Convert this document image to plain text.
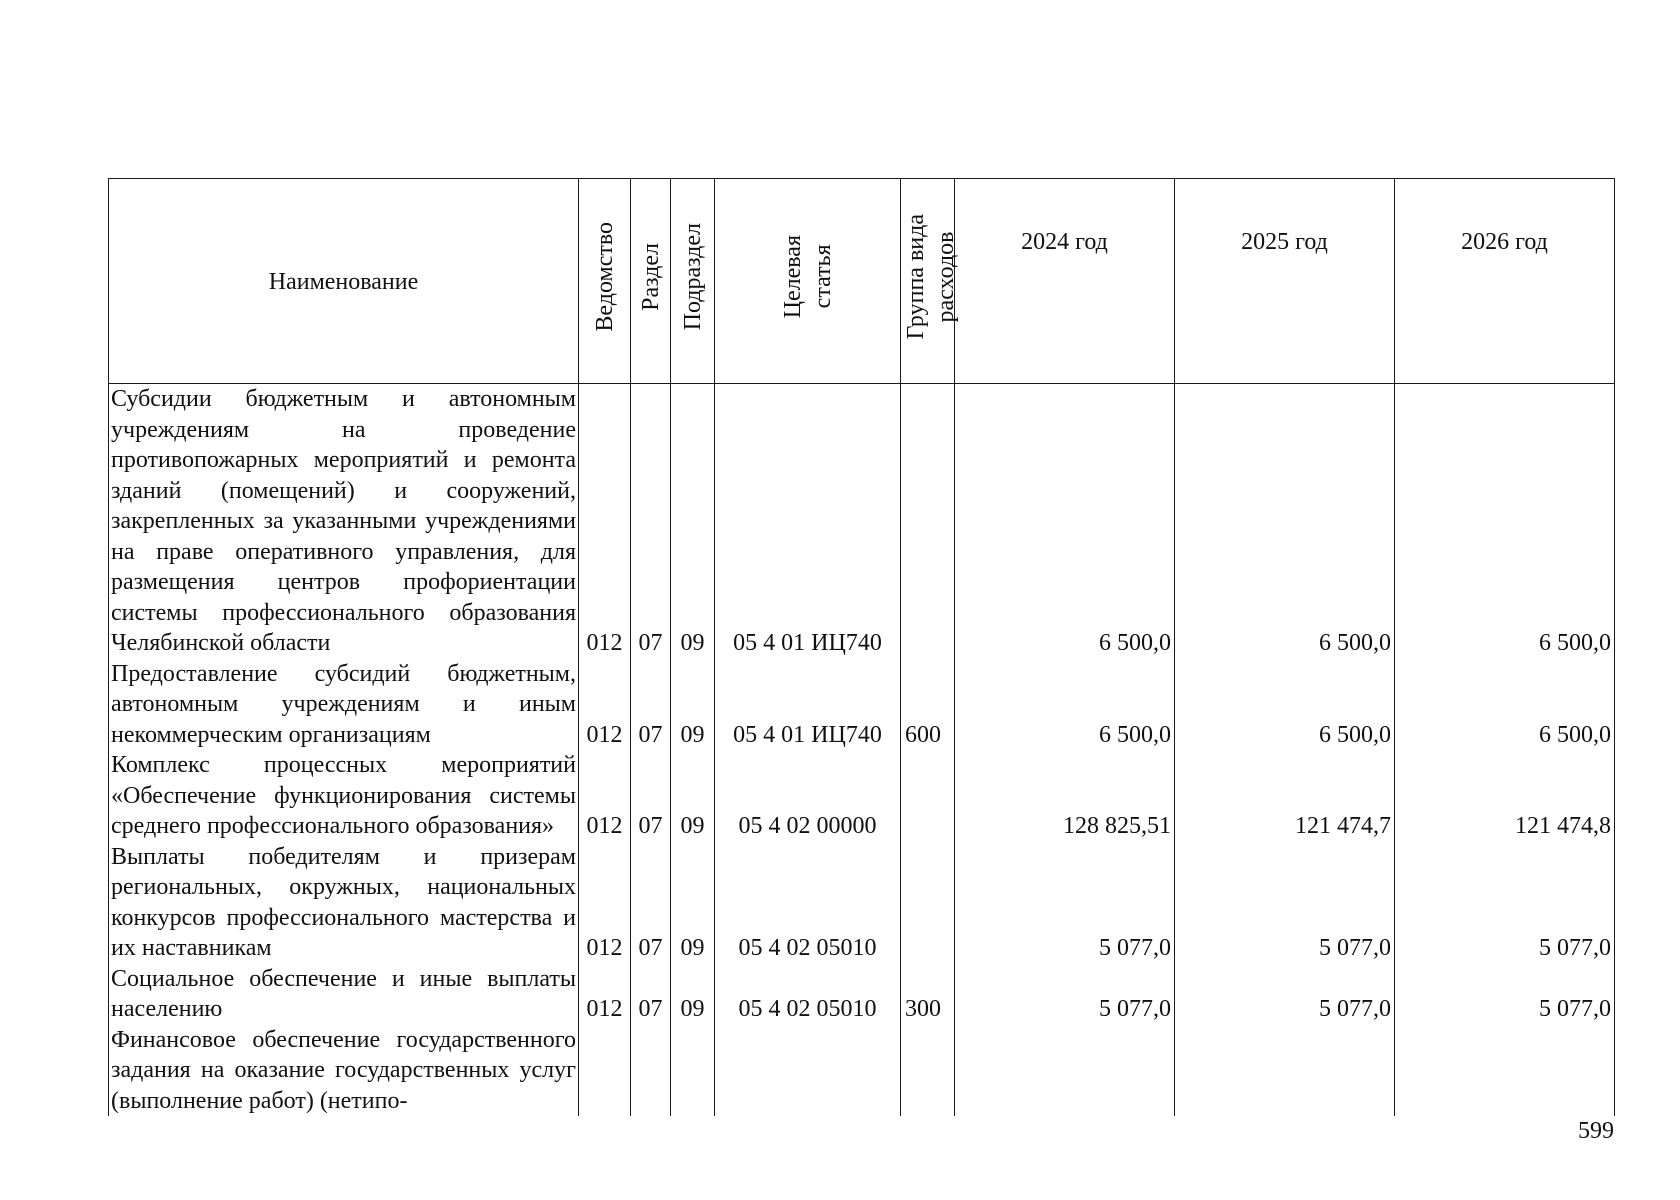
Наименование	Ведомство	Раздел	Подраздел	Целевая статья	Группа вида расходов	2024 год	2025 год	2026 год
Субсидии бюджетным и автономным учреждениям на проведение противопожарных мероприятий и ремонта зданий (помещений) и сооружений, закрепленных за указанными учреждениями на праве оперативного управления, для размещения центров профориентации системы профессионального образования Челябинской области	012	07	09	05 4 01 ИЦ740		6 500,0	6 500,0	6 500,0
Предоставление субсидий бюджетным, автономным учреждениям и иным некоммерческим организациям	012	07	09	05 4 01 ИЦ740	600	6 500,0	6 500,0	6 500,0
Комплекс процессных мероприятий «Обеспечение функционирования системы среднего профессионального образования»	012	07	09	05 4 02 00000		128 825,51	121 474,7	121 474,8
Выплаты победителям и призерам региональных, окружных, национальных конкурсов профессионального мастерства и их наставникам	012	07	09	05 4 02 05010		5 077,0	5 077,0	5 077,0
Социальное обеспечение и иные выплаты населению	012	07	09	05 4 02 05010	300	5 077,0	5 077,0	5 077,0
Финансовое обеспечение государственного задания на оказание государственных услуг (выполнение работ) (нетипо-								
599
